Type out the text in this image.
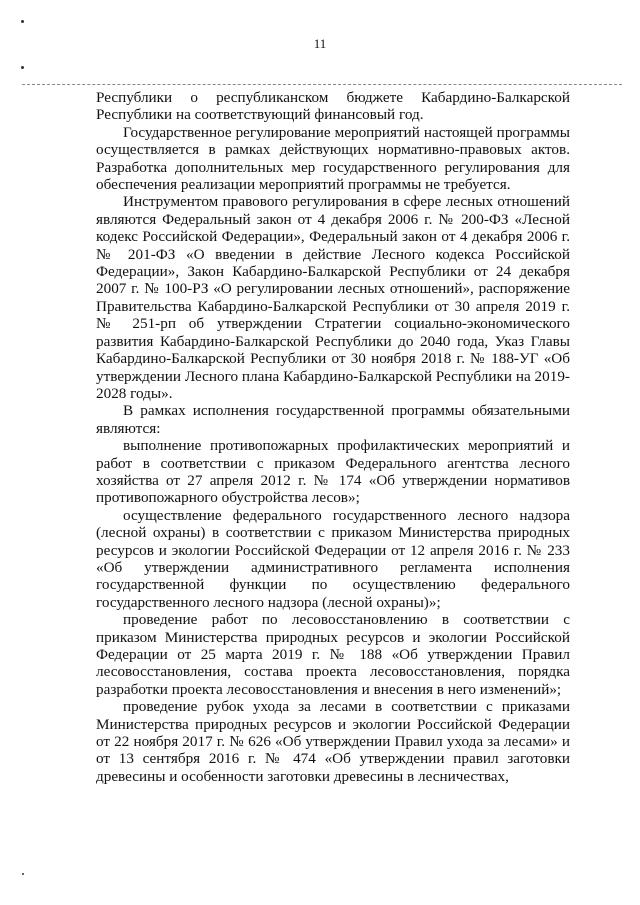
11

Республики о республиканском бюджете Кабардино-Балкарской Республики на соответствующий финансовый год.

Государственное регулирование мероприятий настоящей программы осуществляется в рамках действующих нормативно-правовых актов. Разработка дополнительных мер государственного регулирования для обеспечения реализации мероприятий программы не требуется.

Инструментом правового регулирования в сфере лесных отношений являются Федеральный закон от 4 декабря 2006 г. № 200-ФЗ «Лесной кодекс Российской Федерации», Федеральный закон от 4 декабря 2006 г. № 201-ФЗ «О введении в действие Лесного кодекса Российской Федерации», Закон Кабардино-Балкарской Республики от 24 декабря 2007 г. № 100-РЗ «О регулировании лесных отношений», распоряжение Правительства Кабардино-Балкарской Республики от 30 апреля 2019 г. № 251-рп об утверждении Стратегии социально-экономического развития Кабардино-Балкарской Республики до 2040 года, Указ Главы Кабардино-Балкарской Республики от 30 ноября 2018 г. № 188-УГ «Об утверждении Лесного плана Кабардино-Балкарской Республики на 2019-2028 годы».

В рамках исполнения государственной программы обязательными являются:

выполнение противопожарных профилактических мероприятий и работ в соответствии с приказом Федерального агентства лесного хозяйства от 27 апреля 2012 г. № 174 «Об утверждении нормативов противопожарного обустройства лесов»;

осуществление федерального государственного лесного надзора (лесной охраны) в соответствии с приказом Министерства природных ресурсов и экологии Российской Федерации от 12 апреля 2016 г. № 233 «Об утверждении административного регламента исполнения государственной функции по осуществлению федерального государственного лесного надзора (лесной охраны)»;

проведение работ по лесовосстановлению в соответствии с приказом Министерства природных ресурсов и экологии Российской Федерации от 25 марта 2019 г. № 188 «Об утверждении Правил лесовосстановления, состава проекта лесовосстановления, порядка разработки проекта лесовосстановления и внесения в него изменений»;

проведение рубок ухода за лесами в соответствии с приказами Министерства природных ресурсов и экологии Российской Федерации от 22 ноября 2017 г. № 626 «Об утверждении Правил ухода за лесами» и от 13 сентября 2016 г. № 474 «Об утверждении правил заготовки древесины и особенности заготовки древесины в лесничествах,
